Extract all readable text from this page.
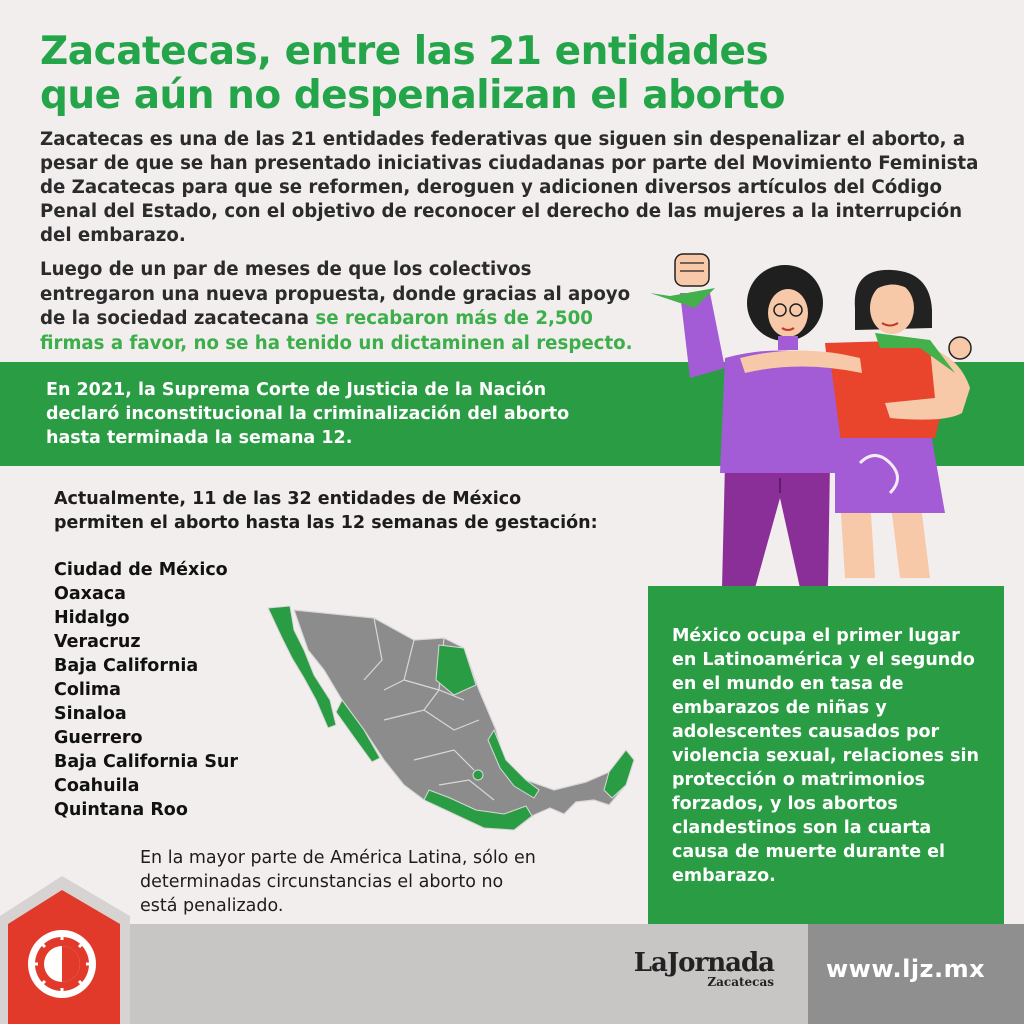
Zacatecas, entre las 21 entidades
que aún no despenalizan el aborto

Zacatecas es una de las 21 entidades federativas que siguen sin despenalizar el aborto, a pesar de que se han presentado iniciativas ciudadanas por parte del Movimiento Feminista de Zacatecas para que se reformen, deroguen y adicionen diversos artículos del Código Penal del Estado, con el objetivo de reconocer el derecho de las mujeres a la interrupción del embarazo.

Luego de un par de meses de que los colectivos entregaron una nueva propuesta, donde gracias al apoyo de la sociedad zacatecana se recabaron más de 2,500 firmas a favor, no se ha tenido un dictaminen al respecto.

En 2021, la Suprema Corte de Justicia de la Nación declaró inconstitucional la criminalización del aborto hasta terminada la semana 12.

Actualmente, 11 de las 32 entidades de México permiten el aborto hasta las 12 semanas de gestación:

Ciudad de México
Oaxaca
Hidalgo
Veracruz
Baja California
Colima
Sinaloa
Guerrero
Baja California Sur
Coahuila
Quintana Roo

En la mayor parte de América Latina, sólo en determinadas circunstancias el aborto no está penalizado.

México ocupa el primer lugar en Latinoamérica y el segundo en el mundo en tasa de embarazos de niñas y adolescentes causados por violencia sexual, relaciones sin protección o matrimonios forzados, y los abortos clandestinos son la cuarta causa de muerte durante el embarazo.

LaJornada
Zacatecas www.ljz.mx
